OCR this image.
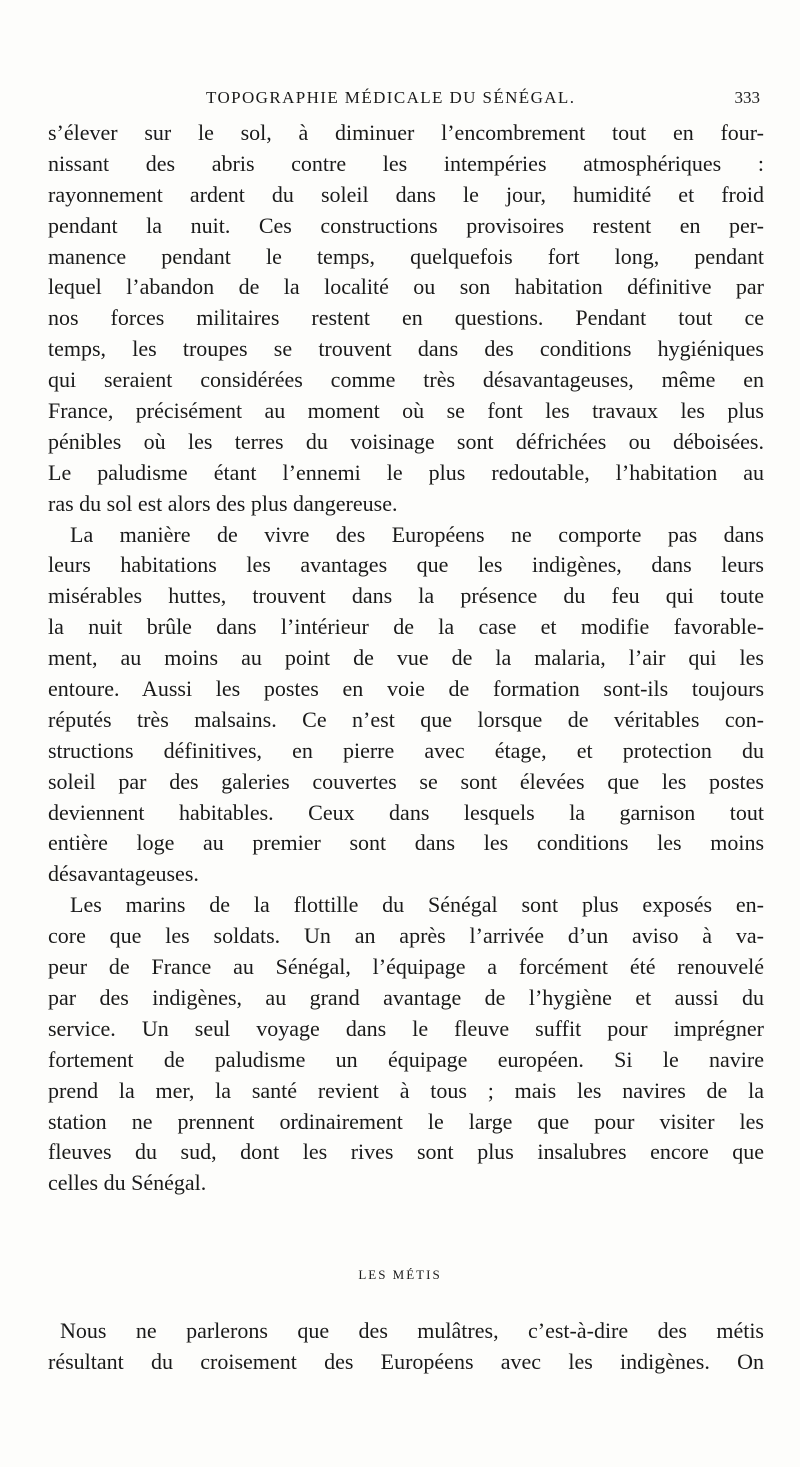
TOPOGRAPHIE MÉDICALE DU SÉNÉGAL.	333

s’élever sur le sol, à diminuer l’encombrement tout en four-
nissant des abris contre les intempéries atmosphériques :
rayonnement ardent du soleil dans le jour, humidité et froid
pendant la nuit. Ces constructions provisoires restent en per-
manence pendant le temps, quelquefois fort long, pendant
lequel l’abandon de la localité ou son habitation définitive par
nos forces militaires restent en questions. Pendant tout ce
temps, les troupes se trouvent dans des conditions hygiéniques
qui seraient considérées comme très désavantageuses, même en
France, précisément au moment où se font les travaux les plus
pénibles où les terres du voisinage sont défrichées ou déboisées.
Le paludisme étant l’ennemi le plus redoutable, l’habitation au
ras du sol est alors des plus dangereuse.

La manière de vivre des Européens ne comporte pas dans
leurs habitations les avantages que les indigènes, dans leurs
misérables huttes, trouvent dans la présence du feu qui toute
la nuit brûle dans l’intérieur de la case et modifie favorable-
ment, au moins au point de vue de la malaria, l’air qui les
entoure. Aussi les postes en voie de formation sont-ils toujours
réputés très malsains. Ce n’est que lorsque de véritables con-
structions définitives, en pierre avec étage, et protection du
soleil par des galeries couvertes se sont élevées que les postes
deviennent habitables. Ceux dans lesquels la garnison tout
entière loge au premier sont dans les conditions les moins
désavantageuses.

Les marins de la flottille du Sénégal sont plus exposés en-
core que les soldats. Un an après l’arrivée d’un aviso à va-
peur de France au Sénégal, l’équipage a forcément été renouvelé
par des indigènes, au grand avantage de l’hygiène et aussi du
service. Un seul voyage dans le fleuve suffit pour imprégner
fortement de paludisme un équipage européen. Si le navire
prend la mer, la santé revient à tous ; mais les navires de la
station ne prennent ordinairement le large que pour visiter les
fleuves du sud, dont les rives sont plus insalubres encore que
celles du Sénégal.

LES MÉTIS
Nous ne parlerons que des mulâtres, c’est-à-dire des métis
résultant du croisement des Européens avec les indigènes. On
